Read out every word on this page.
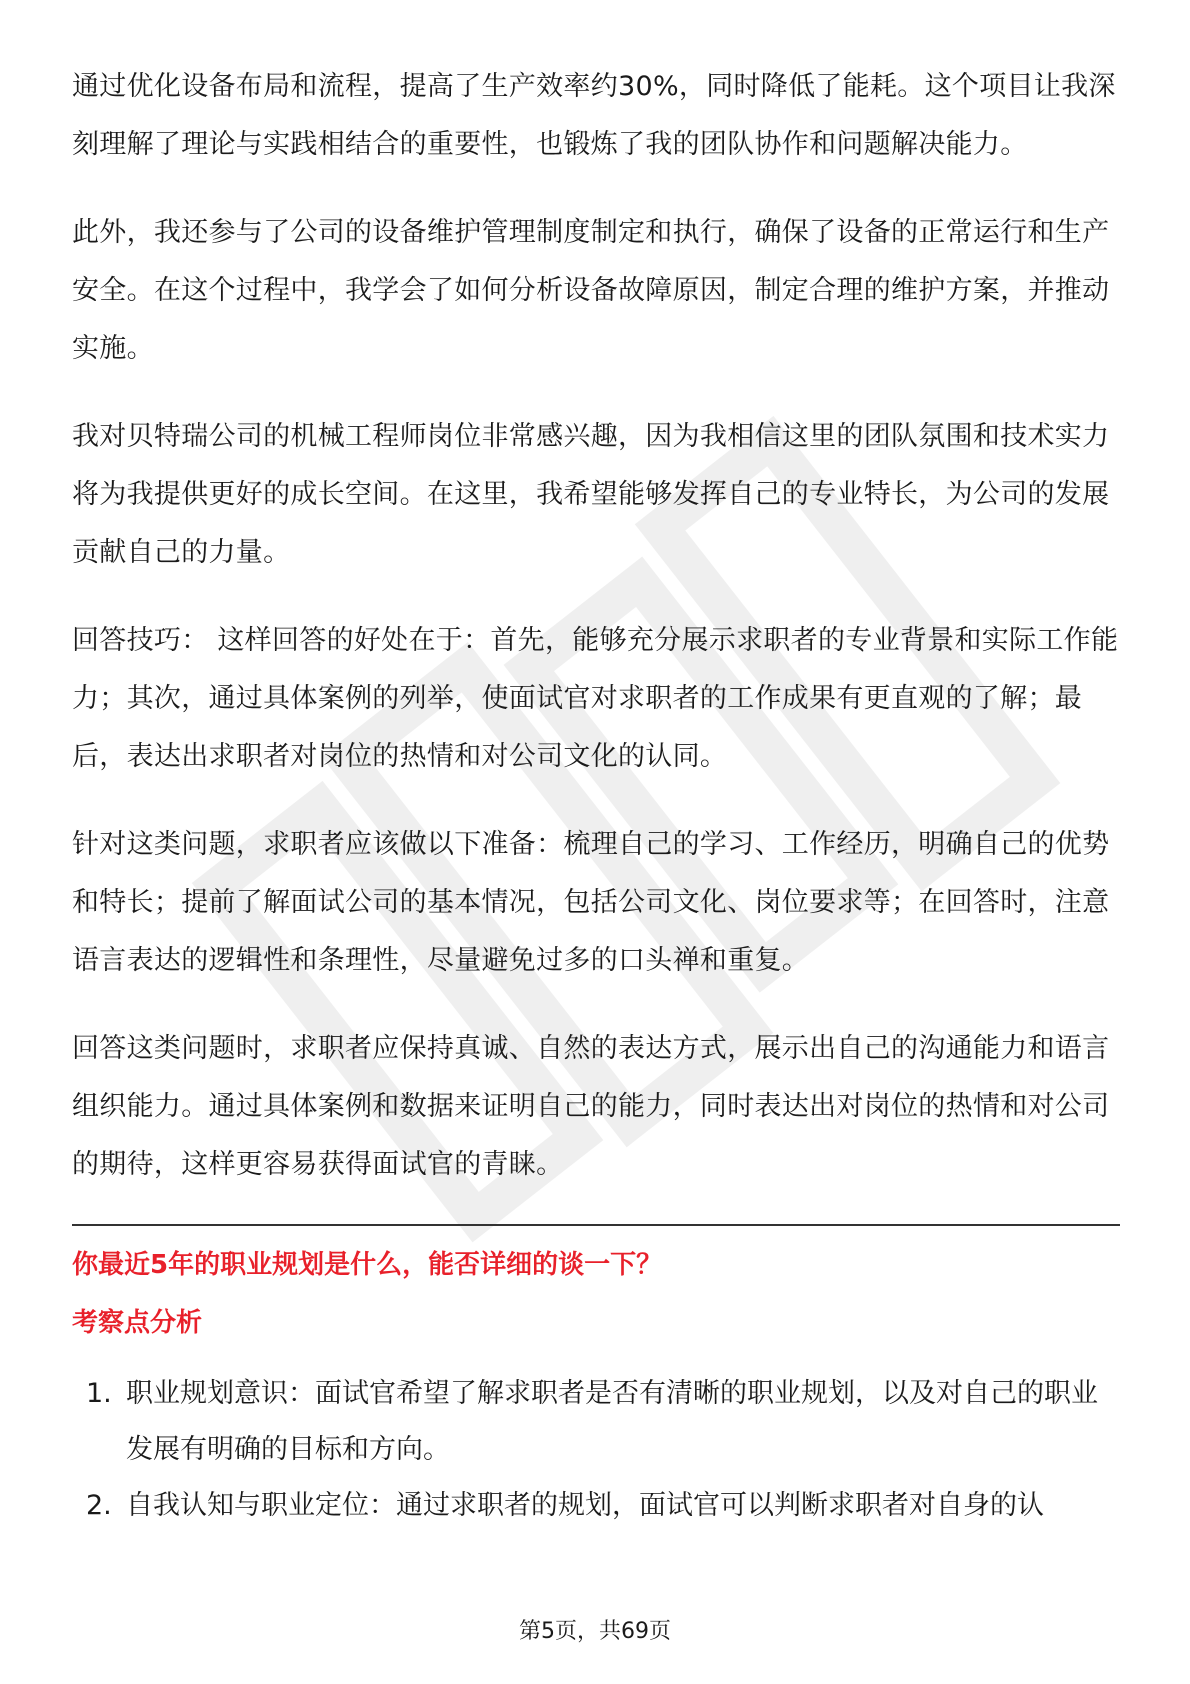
通过优化设备布局和流程，提高了生产效率约30%，同时降低了能耗。这个项目让我深刻理解了理论与实践相结合的重要性，也锻炼了我的团队协作和问题解决能力。

此外，我还参与了公司的设备维护管理制度制定和执行，确保了设备的正常运行和生产安全。在这个过程中，我学会了如何分析设备故障原因，制定合理的维护方案，并推动实施。

我对贝特瑞公司的机械工程师岗位非常感兴趣，因为我相信这里的团队氛围和技术实力将为我提供更好的成长空间。在这里，我希望能够发挥自己的专业特长，为公司的发展贡献自己的力量。

回答技巧： 这样回答的好处在于：首先，能够充分展示求职者的专业背景和实际工作能力；其次，通过具体案例的列举，使面试官对求职者的工作成果有更直观的了解；最后，表达出求职者对岗位的热情和对公司文化的认同。

针对这类问题，求职者应该做以下准备：梳理自己的学习、工作经历，明确自己的优势和特长；提前了解面试公司的基本情况，包括公司文化、岗位要求等；在回答时，注意语言表达的逻辑性和条理性，尽量避免过多的口头禅和重复。

回答这类问题时，求职者应保持真诚、自然的表达方式，展示出自己的沟通能力和语言组织能力。通过具体案例和数据来证明自己的能力，同时表达出对岗位的热情和对公司的期待，这样更容易获得面试官的青睐。

你最近5年的职业规划是什么，能否详细的谈一下？
考察点分析
1. 职业规划意识：面试官希望了解求职者是否有清晰的职业规划，以及对自己的职业发展有明确的目标和方向。
2. 自我认知与职业定位：通过求职者的规划，面试官可以判断求职者对自身的认
第5页，共69页
